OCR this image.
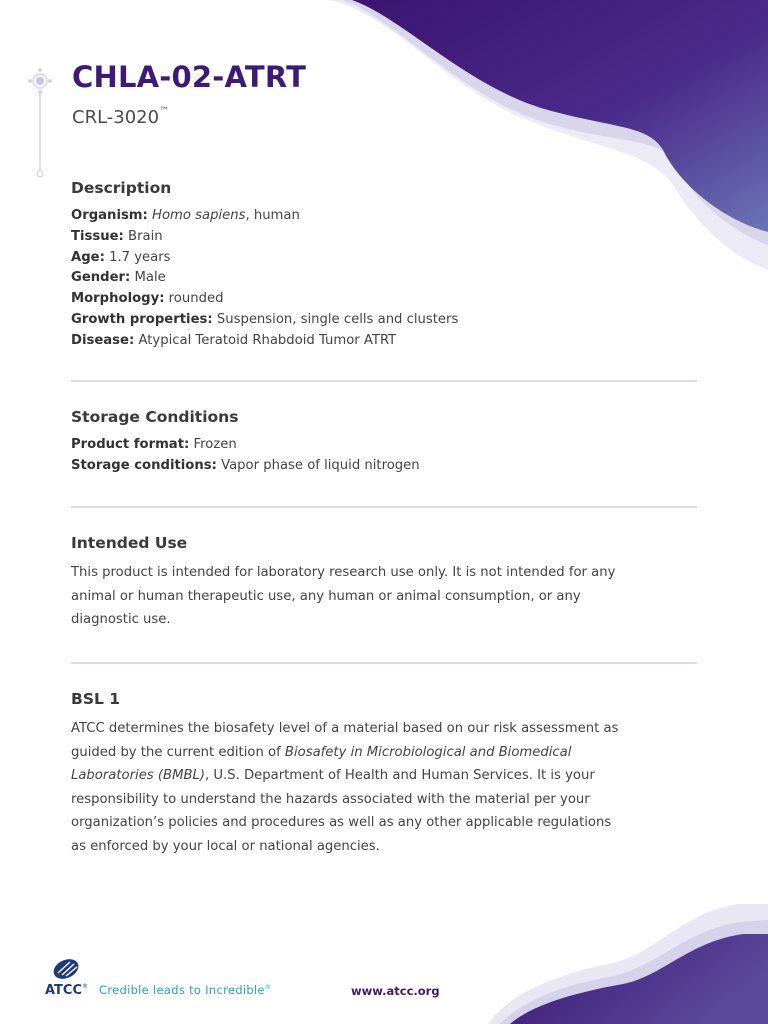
CHLA-02-ATRT
CRL-3020™
Description
Organism: Homo sapiens, human
Tissue: Brain
Age: 1.7 years
Gender: Male
Morphology: rounded
Growth properties: Suspension, single cells and clusters
Disease: Atypical Teratoid Rhabdoid Tumor ATRT
Storage Conditions
Product format: Frozen
Storage conditions: Vapor phase of liquid nitrogen
Intended Use

This product is intended for laboratory research use only. It is not intended for any animal or human therapeutic use, any human or animal consumption, or any diagnostic use.

BSL 1

ATCC determines the biosafety level of a material based on our risk assessment as guided by the current edition of Biosafety in Microbiological and Biomedical Laboratories (BMBL), U.S. Department of Health and Human Services. It is your responsibility to understand the hazards associated with the material per your organization’s policies and procedures as well as any other applicable regulations as enforced by your local or national agencies.

ATCC® Credible leads to Incredible®	www.atcc.org
